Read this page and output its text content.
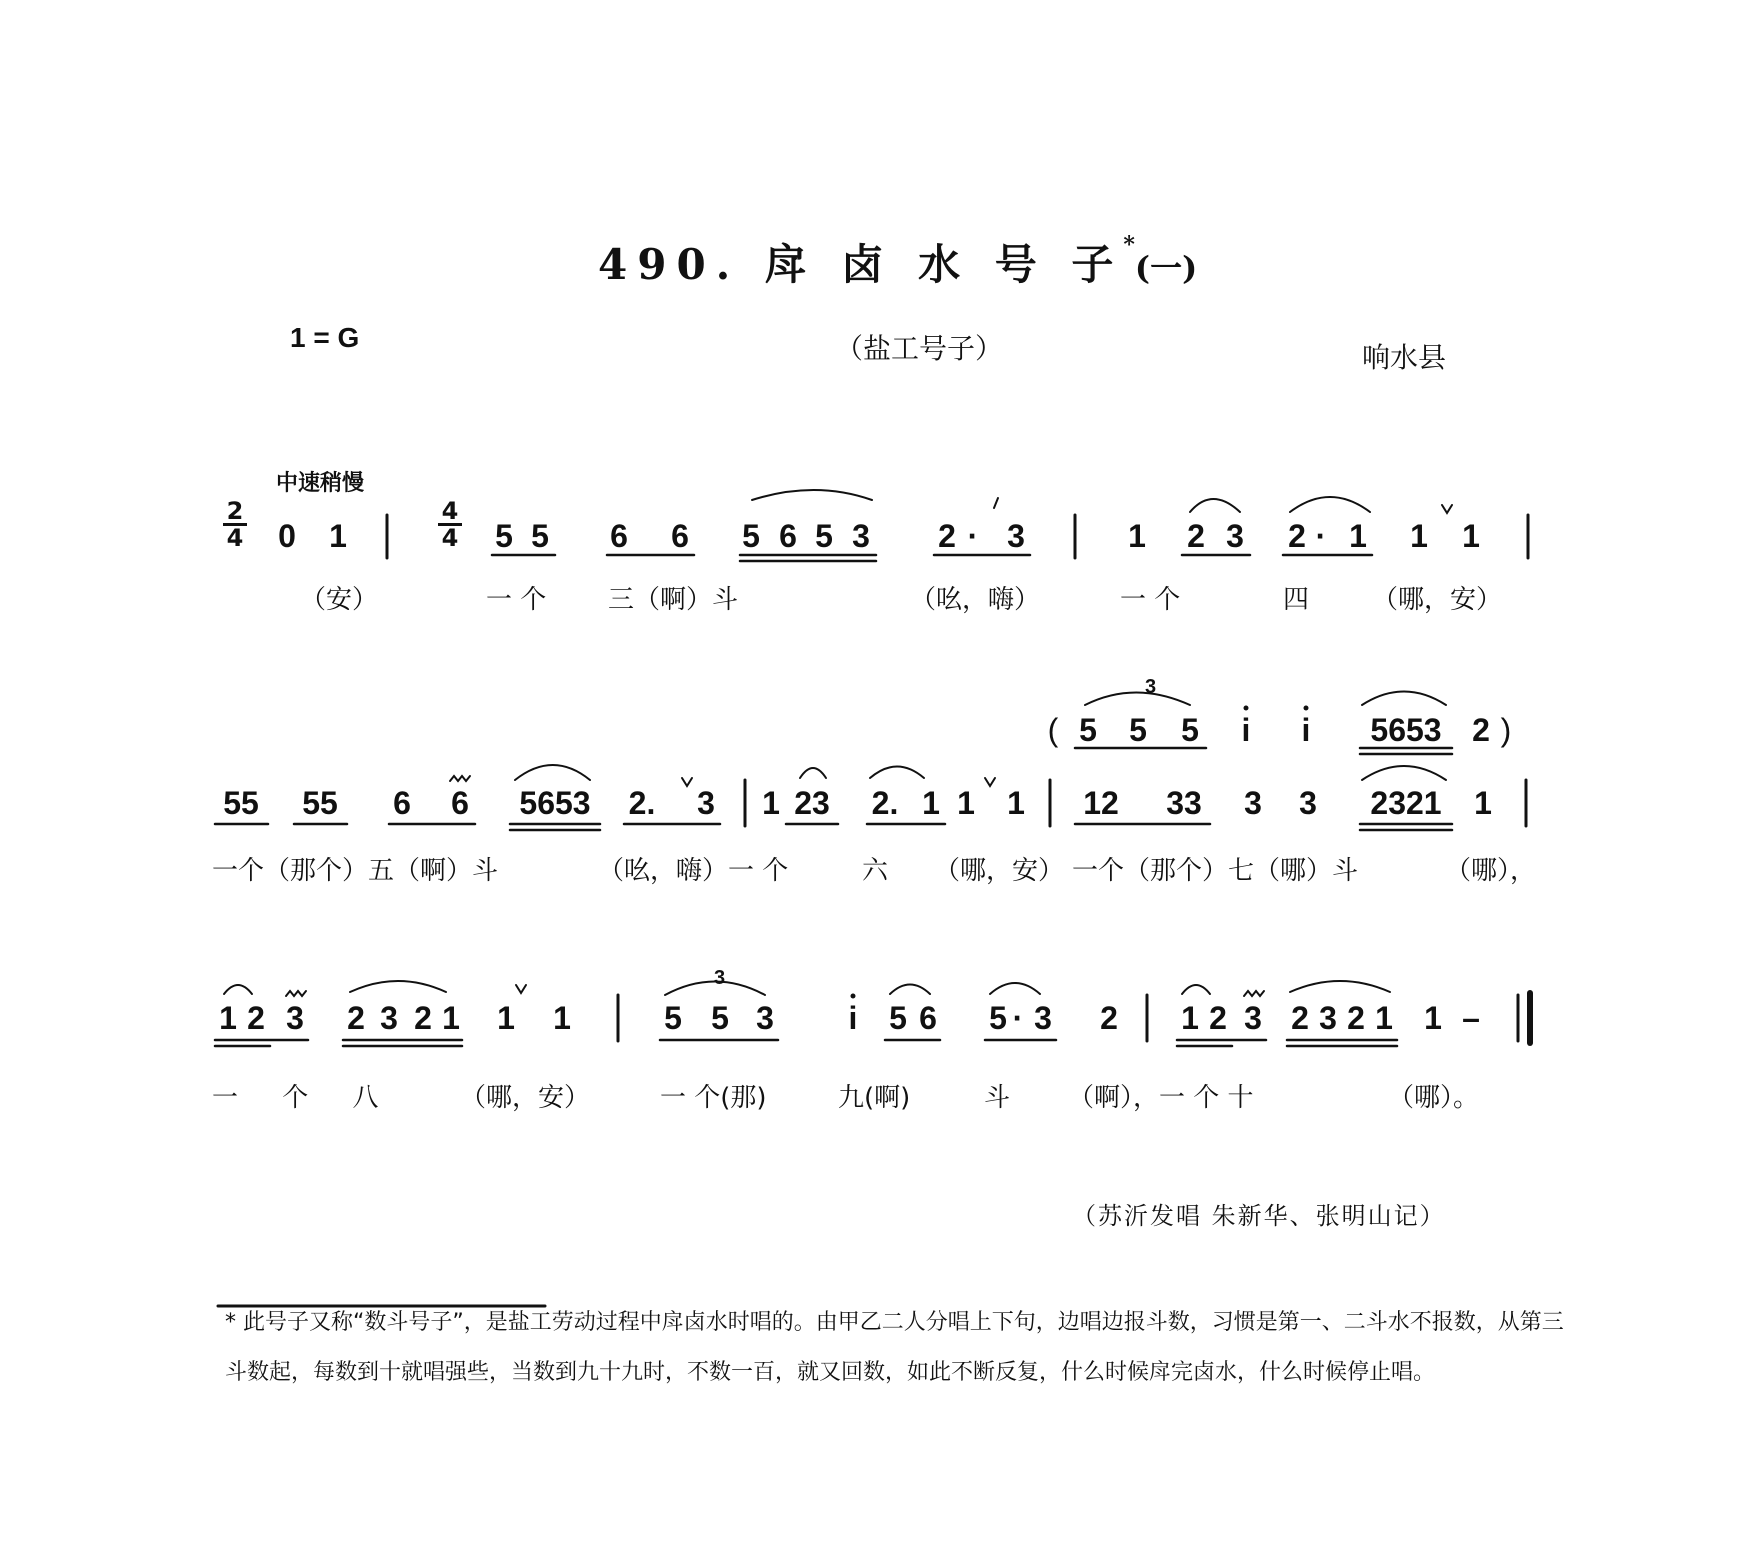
490. 戽 卤 水 号 子*(一)
1 = G	（盐工号子）	响水县
中速稍慢
2
4
4
4
0 1	5 5 6 6 5 6 5 3 2 · 3	1 2 3 2 · 1 1 1
（安）	一 个 三（啊）斗	（吆，嗨）	一 个	四 （哪，安）
( 5 5 5 i i	5653 2 )
55 55 6 6 5653 2. 3 1 23 2. 1 1 1 12 33 3 3	2321	1
一个（那个）五（啊）斗	（吆，嗨）一 个	六 （哪，安） 一个（那个）七（哪）斗	（哪），
1 2 3 2 3 2 1 1 1	5 5 3 i 5 6 5 · 3 2 1 2 3 2 3 2 1 1 –
一 个 八 （哪，安）	一 个(那)	九(啊)	斗 （啊），一 个 十	（哪）。
（苏沂发唱 朱新华、张明山记）
* 此号子又称“数斗号子”，是盐工劳动过程中戽卤水时唱的。由甲乙二人分唱上下句，边唱边报斗数，习惯是第一、二斗水不报数，从第三斗数起，每数到十就唱强些，当数到九十九时，不数一百，就又回数，如此不断反复，什么时候戽完卤水，什么时候停止唱。
3
3
